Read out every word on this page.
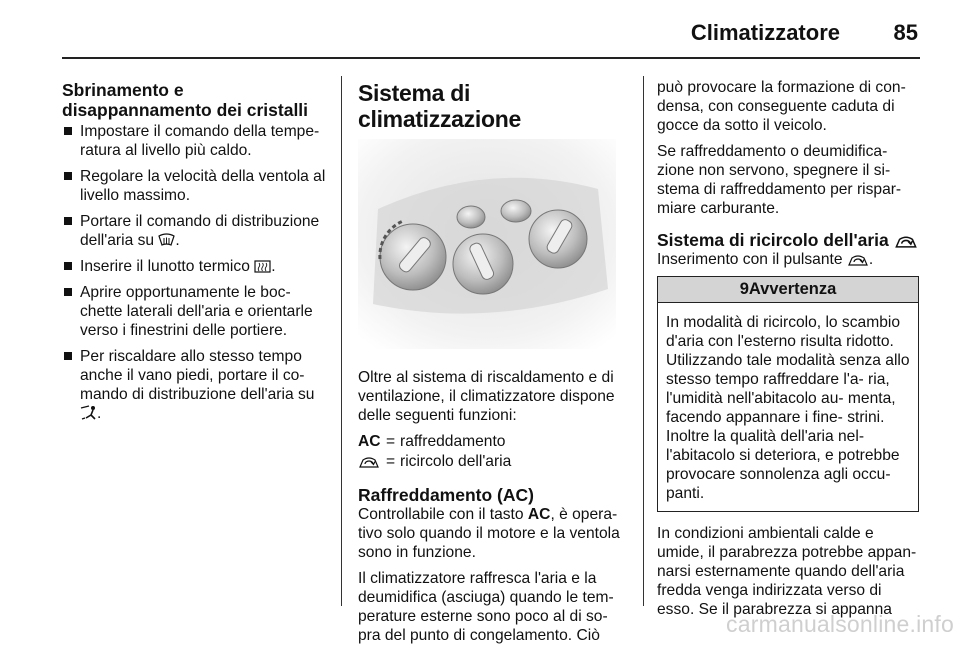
Climatizzatore 85

Sbrinamento e disappannamento dei cristalli

Impostare il comando della tempe- ratura al livello più caldo.
Regolare la velocità della ventola al livello massimo.
Portare il comando di distribuzione dell'aria su .
Inserire il lunotto termico .
Aprire opportunamente le boc- chette laterali dell'aria e orientarle verso i finestrini delle portiere.
Per riscaldare allo stesso tempo anche il vano piedi, portare il co- mando di distribuzione dell'aria su .

Sistema di climatizzazione

Oltre al sistema di riscaldamento e di ventilazione, il climatizzatore dispone delle seguenti funzioni:

AC = raffreddamento
= ricircolo dell'aria

Raffreddamento (AC)

Controllabile con il tasto AC, è opera- tivo solo quando il motore e la ventola sono in funzione.

Il climatizzatore raffresca l'aria e la deumidifica (asciuga) quando le tem- perature esterne sono poco al di so- pra del punto di congelamento. Ciò

può provocare la formazione di con- densa, con conseguente caduta di gocce da sotto il veicolo.

Se raffreddamento o deumidifica- zione non servono, spegnere il si- stema di raffreddamento per rispar- miare carburante.

Sistema di ricircolo dell'aria

Inserimento con il pulsante .

9Avvertenza
In modalità di ricircolo, lo scambio d'aria con l'esterno risulta ridotto. Utilizzando tale modalità senza allo stesso tempo raffreddare l'a- ria, l'umidità nell'abitacolo au- menta, facendo appannare i fine- strini. Inoltre la qualità dell'aria nel- l'abitacolo si deteriora, e potrebbe provocare sonnolenza agli occu- panti.

In condizioni ambientali calde e umide, il parabrezza potrebbe appan- narsi esternamente quando dell'aria fredda venga indirizzata verso di esso. Se il parabrezza si appanna

carmanualsonline.info
